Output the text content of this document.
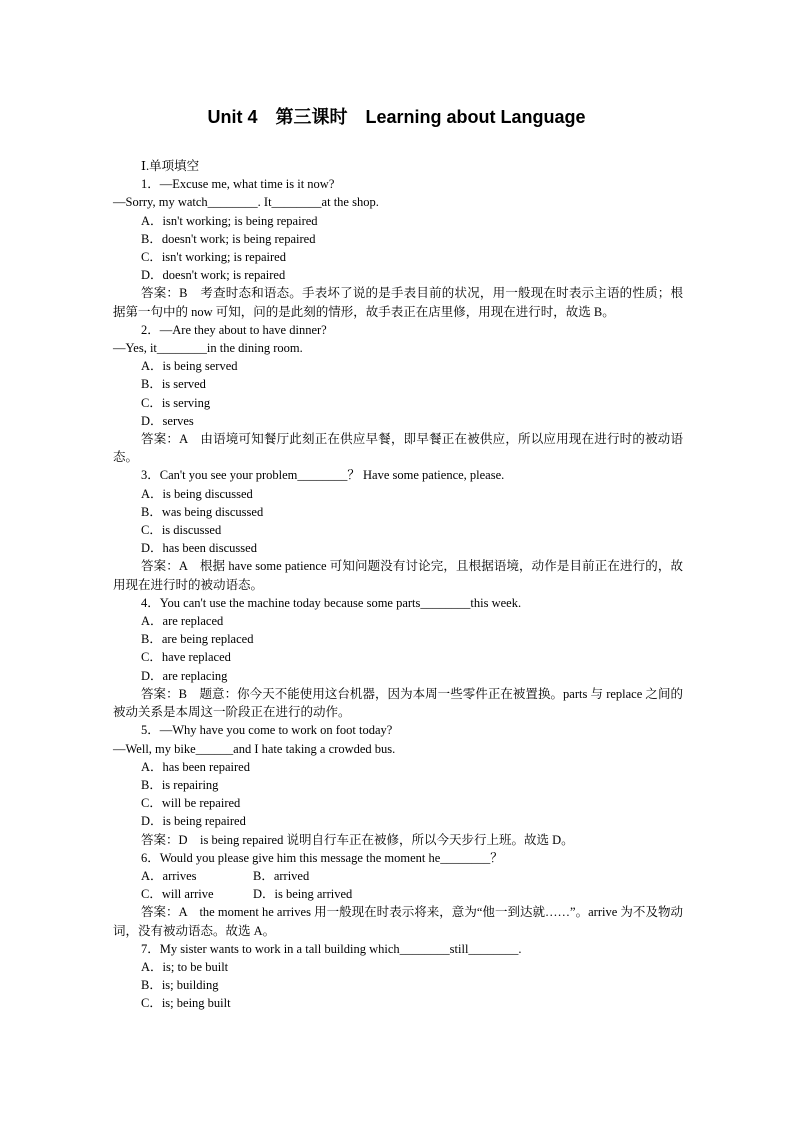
Unit 4　第三课时　Learning about Language

Ⅰ.单项填空

1．—Excuse me, what time is it now?

—Sorry, my watch________. It________at the shop.

A．isn't working; is being repaired

B．doesn't work; is being repaired

C．isn't working; is repaired

D．doesn't work; is repaired

答案：B　考查时态和语态。手表坏了说的是手表目前的状况，用一般现在时表示主语的性质；根据第一句中的 now 可知，问的是此刻的情形，故手表正在店里修，用现在进行时，故选 B。

2．—Are they about to have dinner?

—Yes, it________in the dining room.

A．is being served

B．is served

C．is serving

D．serves

答案：A　由语境可知餐厅此刻正在供应早餐，即早餐正在被供应，所以应用现在进行时的被动语态。

3．Can't you see your problem________？ Have some patience, please.

A．is being discussed

B．was being discussed

C．is discussed

D．has been discussed

答案：A　根据 have some patience 可知问题没有讨论完，且根据语境，动作是目前正在进行的，故用现在进行时的被动语态。

4．You can't use the machine today because some parts________this week.

A．are replaced

B．are being replaced

C．have replaced

D．are replacing

答案：B　题意：你今天不能使用这台机器，因为本周一些零件正在被置换。parts 与 replace 之间的被动关系是本周这一阶段正在进行的动作。

5．—Why have you come to work on foot today?

—Well, my bike______and I hate taking a crowded bus.

A．has been repaired

B．is repairing

C．will be repaired

D．is being repaired

答案：D　is being repaired 说明自行车正在被修，所以今天步行上班。故选 D。

6．Would you please give him this message the moment he________？

A．arrives	B．arrived
C．will arrive	D．is being arrived

答案：A　the moment he arrives 用一般现在时表示将来，意为“他一到达就……”。arrive 为不及物动词，没有被动语态。故选 A。

7．My sister wants to work in a tall building which________still________.

A．is; to be built

B．is; building

C．is; being built
